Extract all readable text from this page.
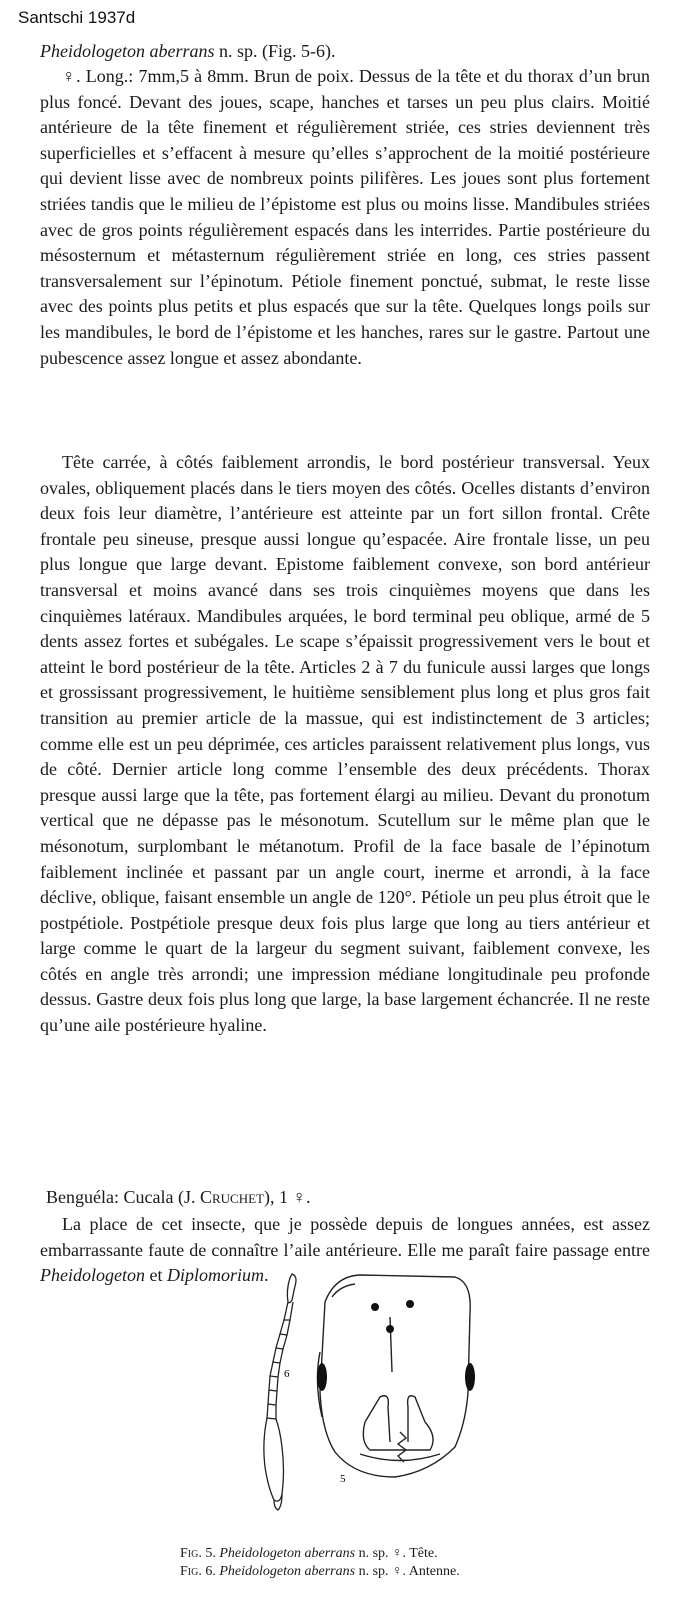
Santschi 1937d
Pheidologeton aberrans n. sp. (Fig. 5-6).

♀. Long.: 7mm,5 à 8mm. Brun de poix. Dessus de la tête et du thorax d’un brun plus foncé. Devant des joues, scape, hanches et tarses un peu plus clairs. Moitié antérieure de la tête finement et régulièrement striée, ces stries deviennent très superficielles et s’effacent à mesure qu’elles s’approchent de la moitié postérieure qui devient lisse avec de nombreux points pilifères. Les joues sont plus fortement striées tandis que le milieu de l’épistome est plus ou moins lisse. Mandibules striées avec de gros points régulièrement espacés dans les interrides. Partie postérieure du mésosternum et métasternum régulièrement striée en long, ces stries passent transversalement sur l’épinotum. Pétiole finement ponctué, submat, le reste lisse avec des points plus petits et plus espacés que sur la tête. Quelques longs poils sur les mandibules, le bord de l’épistome et les hanches, rares sur le gastre. Partout une pubescence assez longue et assez abondante.

Tête carrée, à côtés faiblement arrondis, le bord postérieur transversal. Yeux ovales, obliquement placés dans le tiers moyen des côtés. Ocelles distants d’environ deux fois leur diamètre, l’antérieure est atteinte par un fort sillon frontal. Crête frontale peu sineuse, presque aussi longue qu’espacée. Aire frontale lisse, un peu plus longue que large devant. Epistome faiblement convexe, son bord antérieur transversal et moins avancé dans ses trois cinquièmes moyens que dans les cinquièmes latéraux. Mandibules arquées, le bord terminal peu oblique, armé de 5 dents assez fortes et subégales. Le scape s’épaissit progressivement vers le bout et atteint le bord postérieur de la tête. Articles 2 à 7 du funicule aussi larges que longs et grossissant progressivement, le huitième sensiblement plus long et plus gros fait transition au premier article de la massue, qui est indistinctement de 3 articles; comme elle est un peu déprimée, ces articles paraissent relativement plus longs, vus de côté. Dernier article long comme l’ensemble des deux précédents. Thorax presque aussi large que la tête, pas fortement élargi au milieu. Devant du pronotum vertical que ne dépasse pas le mésonotum. Scutellum sur le même plan que le mésonotum, surplombant le métanotum. Profil de la face basale de l’épinotum faiblement inclinée et passant par un angle court, inerme et arrondi, à la face déclive, oblique, faisant ensemble un angle de 120°. Pétiole un peu plus étroit que le postpétiole. Postpétiole presque deux fois plus large que long au tiers antérieur et large comme le quart de la largeur du segment suivant, faiblement convexe, les côtés en angle très arrondi; une impression médiane longitudinale peu profonde dessus. Gastre deux fois plus long que large, la base largement échancrée. Il ne reste qu’une aile postérieure hyaline.

Benguéla: Cucala (J. Cruchet), 1 ♀.

La place de cet insecte, que je possède depuis de longues années, est assez embarrassante faute de connaître l’aile antérieure. Elle me paraît faire passage entre Pheidologeton et Diplomorium.

6
5
Fig. 5. Pheidologeton aberrans n. sp. ♀. Tête.
Fig. 6. Pheidologeton aberrans n. sp. ♀. Antenne.
